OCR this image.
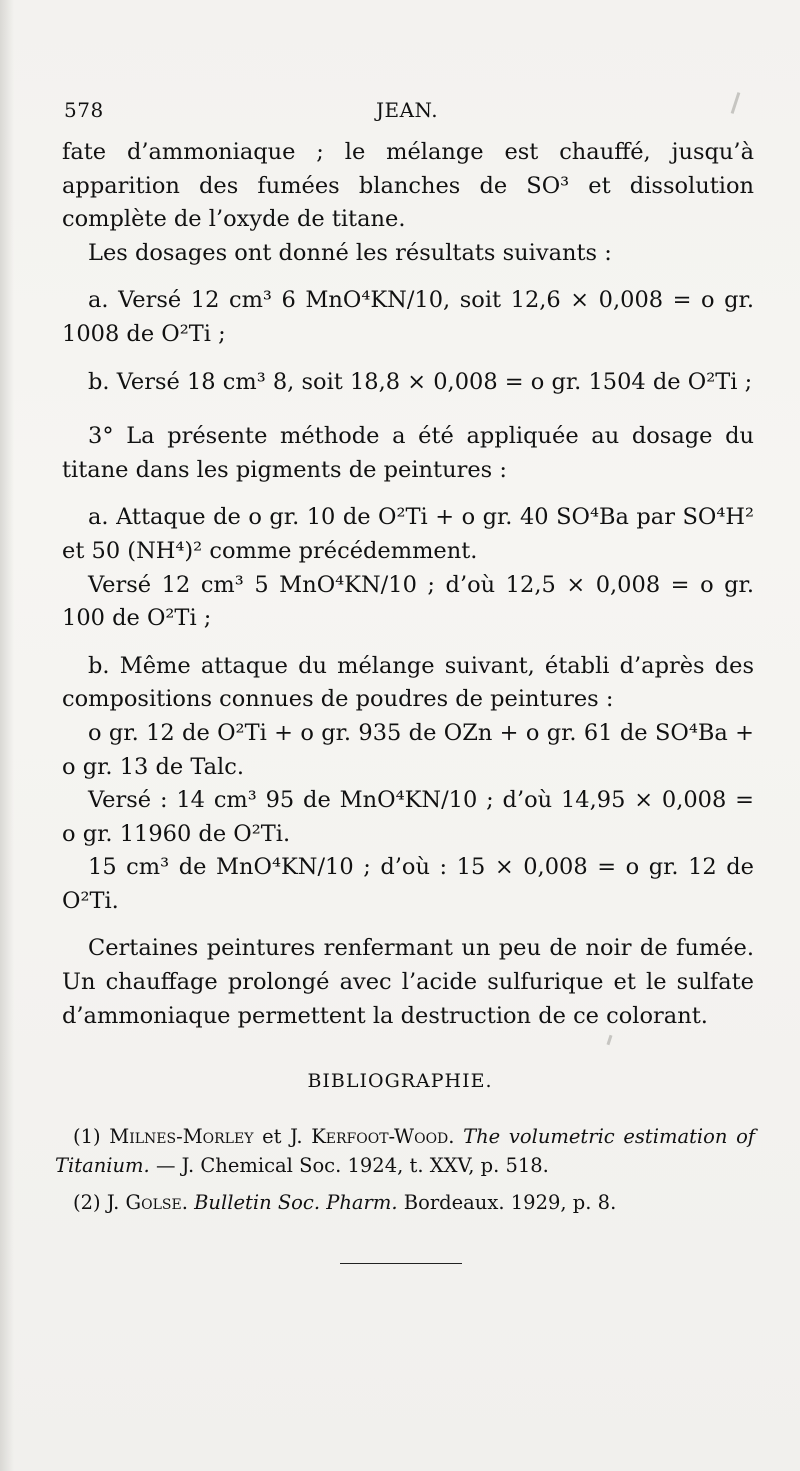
578	JEAN.

fate d’ammoniaque ; le mélange est chauffé, jusqu’à apparition des fumées blanches de SO³ et dissolution complète de l’oxyde de titane.

Les dosages ont donné les résultats suivants :

a. Versé 12 cm³ 6 MnO⁴KN/10, soit 12,6 × 0,008 = o gr. 1008 de O²Ti ;

b. Versé 18 cm³ 8, soit 18,8 × 0,008 = o gr. 1504 de O²Ti ;

3° La présente méthode a été appliquée au dosage du titane dans les pigments de peintures :

a. Attaque de o gr. 10 de O²Ti + o gr. 40 SO⁴Ba par SO⁴H² et 50 (NH⁴)² comme précédemment.

Versé 12 cm³ 5 MnO⁴KN/10 ; d’où 12,5 × 0,008 = o gr. 100 de O²Ti ;

b. Même attaque du mélange suivant, établi d’après des compositions connues de poudres de peintures :

o gr. 12 de O²Ti + o gr. 935 de OZn + o gr. 61 de SO⁴Ba + o gr. 13 de Talc.

Versé : 14 cm³ 95 de MnO⁴KN/10 ; d’où 14,95 × 0,008 = o gr. 11960 de O²Ti.

15 cm³ de MnO⁴KN/10 ; d’où : 15 × 0,008 = o gr. 12 de O²Ti.

Certaines peintures renfermant un peu de noir de fumée. Un chauffage prolongé avec l’acide sulfurique et le sulfate d’ammoniaque permettent la destruction de ce colorant.

BIBLIOGRAPHIE.

(1) Milnes-Morley et J. Kerfoot-Wood. The volumetric estimation of Titanium. — J. Chemical Soc. 1924, t. XXV, p. 518.

(2) J. Golse. Bulletin Soc. Pharm. Bordeaux. 1929, p. 8.
